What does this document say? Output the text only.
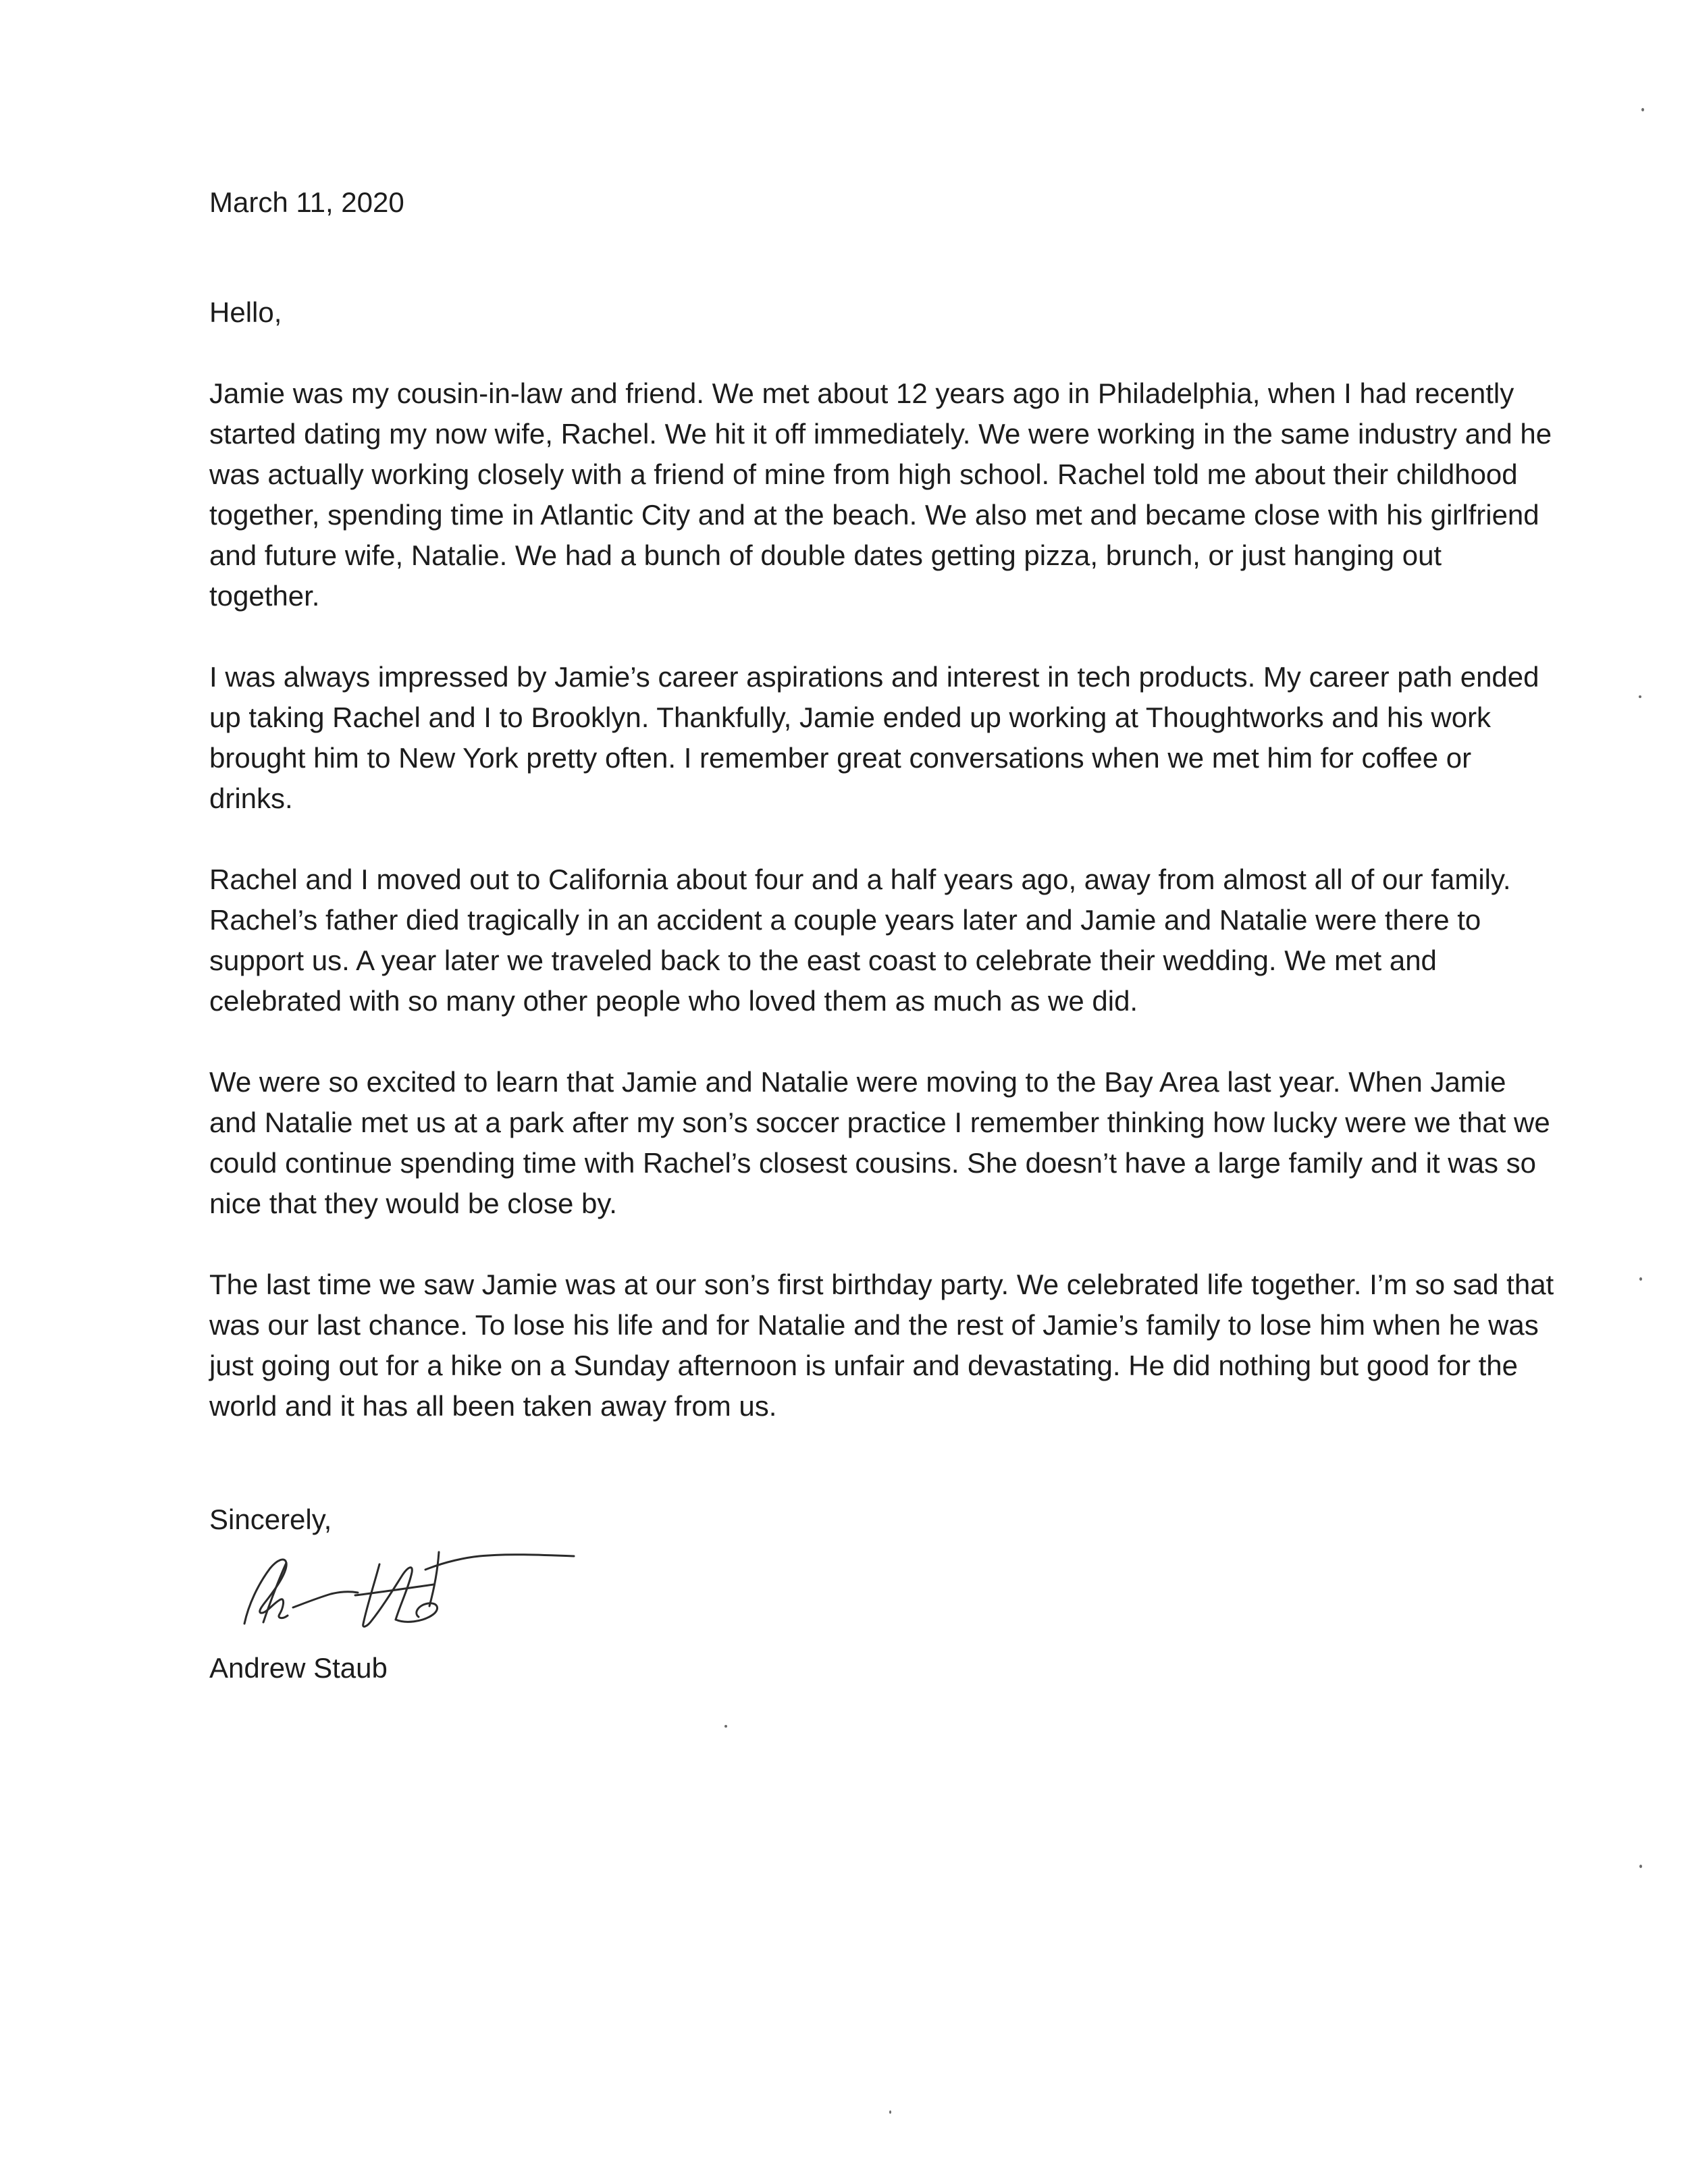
March 11, 2020

Hello,

Jamie was my cousin-in-law and friend. We met about 12 years ago in Philadelphia, when I had recently started dating my now wife, Rachel. We hit it off immediately. We were working in the same industry and he was actually working closely with a friend of mine from high school. Rachel told me about their childhood together, spending time in Atlantic City and at the beach. We also met and became close with his girlfriend and future wife, Natalie. We had a bunch of double dates getting pizza, brunch, or just hanging out together.

I was always impressed by Jamie’s career aspirations and interest in tech products. My career path ended up taking Rachel and I to Brooklyn. Thankfully, Jamie ended up working at Thoughtworks and his work brought him to New York pretty often. I remember great conversations when we met him for coffee or drinks.

Rachel and I moved out to California about four and a half years ago, away from almost all of our family. Rachel’s father died tragically in an accident a couple years later and Jamie and Natalie were there to support us. A year later we traveled back to the east coast to celebrate their wedding. We met and celebrated with so many other people who loved them as much as we did.

We were so excited to learn that Jamie and Natalie were moving to the Bay Area last year. When Jamie and Natalie met us at a park after my son’s soccer practice I remember thinking how lucky were we that we could continue spending time with Rachel’s closest cousins. She doesn’t have a large family and it was so nice that they would be close by.

The last time we saw Jamie was at our son’s first birthday party. We celebrated life together. I’m so sad that was our last chance. To lose his life and for Natalie and the rest of Jamie’s family to lose him when he was just going out for a hike on a Sunday afternoon is unfair and devastating. He did nothing but good for the world and it has all been taken away from us.

Sincerely,

Andrew Staub
